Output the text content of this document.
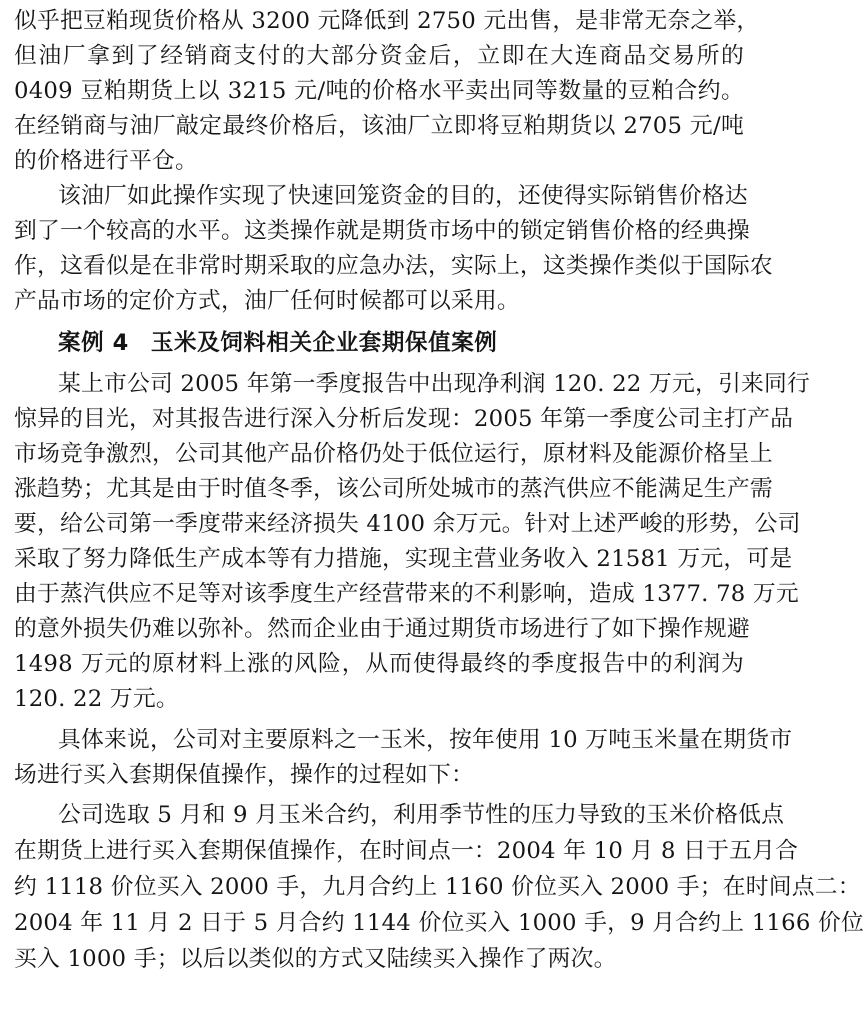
似乎把豆粕现货价格从 3200 元降低到 2750 元出售，是非常无奈之举，
但油厂拿到了经销商支付的大部分资金后，立即在大连商品交易所的
0409 豆粕期货上以 3215 元/吨的价格水平卖出同等数量的豆粕合约。
在经销商与油厂敲定最终价格后，该油厂立即将豆粕期货以 2705 元/吨
的价格进行平仓。
该油厂如此操作实现了快速回笼资金的目的，还使得实际销售价格达
到了一个较高的水平。这类操作就是期货市场中的锁定销售价格的经典操
作，这看似是在非常时期采取的应急办法，实际上，这类操作类似于国际农
产品市场的定价方式，油厂任何时候都可以采用。
案例 4 玉米及饲料相关企业套期保值案例
某上市公司 2005 年第一季度报告中出现净利润 120. 22 万元，引来同行
惊异的目光，对其报告进行深入分析后发现：2005 年第一季度公司主打产品
市场竞争激烈，公司其他产品价格仍处于低位运行，原材料及能源价格呈上
涨趋势；尤其是由于时值冬季，该公司所处城市的蒸汽供应不能满足生产需
要，给公司第一季度带来经济损失 4100 余万元。针对上述严峻的形势，公司
采取了努力降低生产成本等有力措施，实现主营业务收入 21581 万元，可是
由于蒸汽供应不足等对该季度生产经营带来的不利影响，造成 1377. 78 万元
的意外损失仍难以弥补。然而企业由于通过期货市场进行了如下操作规避
1498 万元的原材料上涨的风险，从而使得最终的季度报告中的利润为
120. 22 万元。
具体来说，公司对主要原料之一玉米，按年使用 10 万吨玉米量在期货市
场进行买入套期保值操作，操作的过程如下：
公司选取 5 月和 9 月玉米合约，利用季节性的压力导致的玉米价格低点
在期货上进行买入套期保值操作，在时间点一：2004 年 10 月 8 日于五月合
约 1118 价位买入 2000 手，九月合约上 1160 价位买入 2000 手；在时间点二：
2004 年 11 月 2 日于 5 月合约 1144 价位买入 1000 手，9 月合约上 1166 价位
买入 1000 手；以后以类似的方式又陆续买入操作了两次。
